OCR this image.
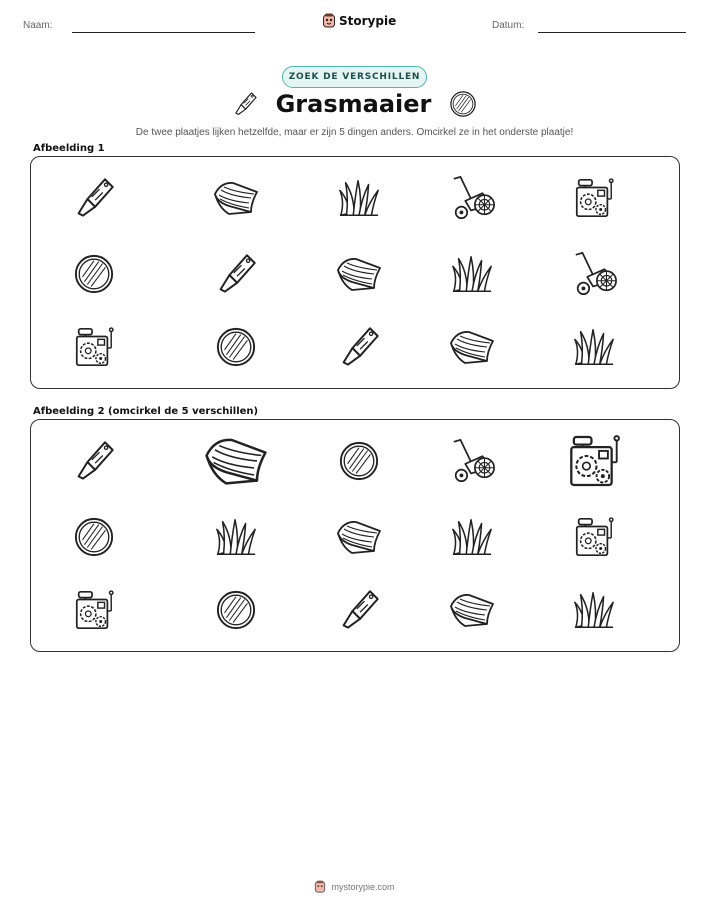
Naam:	Storypie	Datum:
ZOEK DE VERSCHILLEN
Grasmaaier
De twee plaatjes lijken hetzelfde, maar er zijn 5 dingen anders. Omcirkel ze in het onderste plaatje!
Afbeelding 1
Afbeelding 2 (omcirkel de 5 verschillen)
mystorypie.com
